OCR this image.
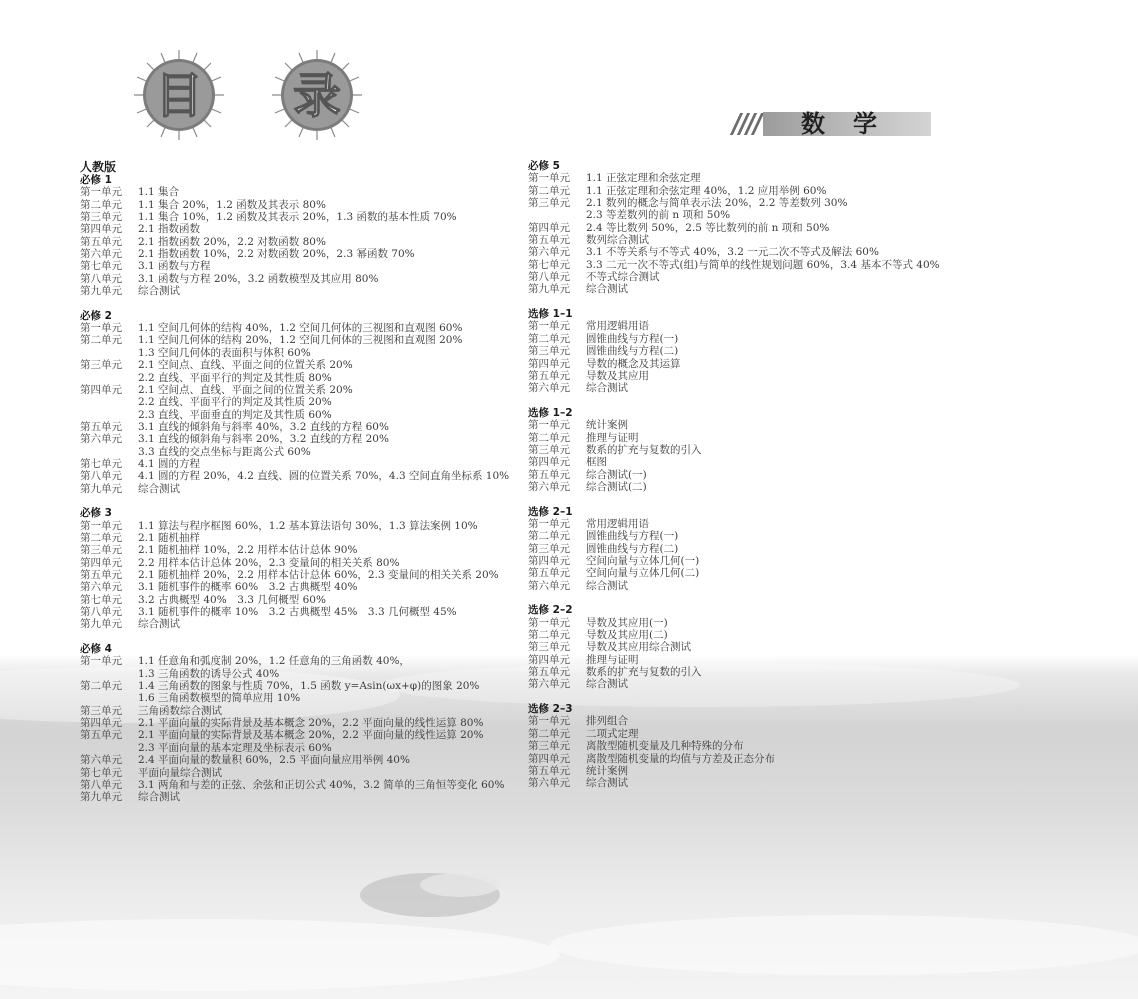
目 录	数学
人教版
必修 1
第一单元	1.1 集合
第二单元	1.1 集合 20%，1.2 函数及其表示 80%
第三单元	1.1 集合 10%，1.2 函数及其表示 20%，1.3 函数的基本性质 70%
第四单元	2.1 指数函数
第五单元	2.1 指数函数 20%，2.2 对数函数 80%
第六单元	2.1 指数函数 10%，2.2 对数函数 20%，2.3 幂函数 70%
第七单元	3.1 函数与方程
第八单元	3.1 函数与方程 20%，3.2 函数模型及其应用 80%
第九单元	综合测试
必修 2
第一单元	1.1 空间几何体的结构 40%，1.2 空间几何体的三视图和直观图 60%
第二单元	1.1 空间几何体的结构 20%，1.2 空间几何体的三视图和直观图 20%
1.3 空间几何体的表面积与体积 60%
第三单元	2.1 空间点、直线、平面之间的位置关系 20%
2.2 直线、平面平行的判定及其性质 80%
第四单元	2.1 空间点、直线、平面之间的位置关系 20%
2.2 直线、平面平行的判定及其性质 20%
2.3 直线、平面垂直的判定及其性质 60%
第五单元	3.1 直线的倾斜角与斜率 40%，3.2 直线的方程 60%
第六单元	3.1 直线的倾斜角与斜率 20%，3.2 直线的方程 20%
3.3 直线的交点坐标与距离公式 60%
第七单元	4.1 圆的方程
第八单元	4.1 圆的方程 20%，4.2 直线、圆的位置关系 70%，4.3 空间直角坐标系 10%
第九单元	综合测试
必修 3
第一单元	1.1 算法与程序框图 60%，1.2 基本算法语句 30%，1.3 算法案例 10%
第二单元	2.1 随机抽样
第三单元	2.1 随机抽样 10%，2.2 用样本估计总体 90%
第四单元	2.2 用样本估计总体 20%，2.3 变量间的相关关系 80%
第五单元	2.1 随机抽样 20%，2.2 用样本估计总体 60%，2.3 变量间的相关关系 20%
第六单元	3.1 随机事件的概率 60%　3.2 古典概型 40%
第七单元	3.2 古典概型 40%　3.3 几何概型 60%
第八单元	3.1 随机事件的概率 10%　3.2 古典概型 45%　3.3 几何概型 45%
第九单元	综合测试
必修 4
第一单元	1.1 任意角和弧度制 20%，1.2 任意角的三角函数 40%，
1.3 三角函数的诱导公式 40%
第二单元	1.4 三角函数的图象与性质 70%，1.5 函数 y=Asin(ωx+φ)的图象 20%
1.6 三角函数模型的简单应用 10%
第三单元	三角函数综合测试
第四单元	2.1 平面向量的实际背景及基本概念 20%，2.2 平面向量的线性运算 80%
第五单元	2.1 平面向量的实际背景及基本概念 20%，2.2 平面向量的线性运算 20%
2.3 平面向量的基本定理及坐标表示 60%
第六单元	2.4 平面向量的数量积 60%，2.5 平面向量应用举例 40%
第七单元	平面向量综合测试
第八单元	3.1 两角和与差的正弦、余弦和正切公式 40%，3.2 简单的三角恒等变化 60%
第九单元	综合测试
必修 5
第一单元	1.1 正弦定理和余弦定理
第二单元	1.1 正弦定理和余弦定理 40%，1.2 应用举例 60%
第三单元	2.1 数列的概念与简单表示法 20%，2.2 等差数列 30%
2.3 等差数列的前 n 项和 50%
第四单元	2.4 等比数列 50%，2.5 等比数列的前 n 项和 50%
第五单元	数列综合测试
第六单元	3.1 不等关系与不等式 40%，3.2 一元二次不等式及解法 60%
第七单元	3.3 二元一次不等式(组)与简单的线性规划问题 60%，3.4 基本不等式 40%
第八单元	不等式综合测试
第九单元	综合测试
选修 1–1
第一单元	常用逻辑用语
第二单元	圆锥曲线与方程(一)
第三单元	圆锥曲线与方程(二)
第四单元	导数的概念及其运算
第五单元	导数及其应用
第六单元	综合测试
选修 1–2
第一单元	统计案例
第二单元	推理与证明
第三单元	数系的扩充与复数的引入
第四单元	框图
第五单元	综合测试(一)
第六单元	综合测试(二)
选修 2–1
第一单元	常用逻辑用语
第二单元	圆锥曲线与方程(一)
第三单元	圆锥曲线与方程(二)
第四单元	空间向量与立体几何(一)
第五单元	空间向量与立体几何(二)
第六单元	综合测试
选修 2–2
第一单元	导数及其应用(一)
第二单元	导数及其应用(二)
第三单元	导数及其应用综合测试
第四单元	推理与证明
第五单元	数系的扩充与复数的引入
第六单元	综合测试
选修 2–3
第一单元	排列组合
第二单元	二项式定理
第三单元	离散型随机变量及几种特殊的分布
第四单元	离散型随机变量的均值与方差及正态分布
第五单元	统计案例
第六单元	综合测试
